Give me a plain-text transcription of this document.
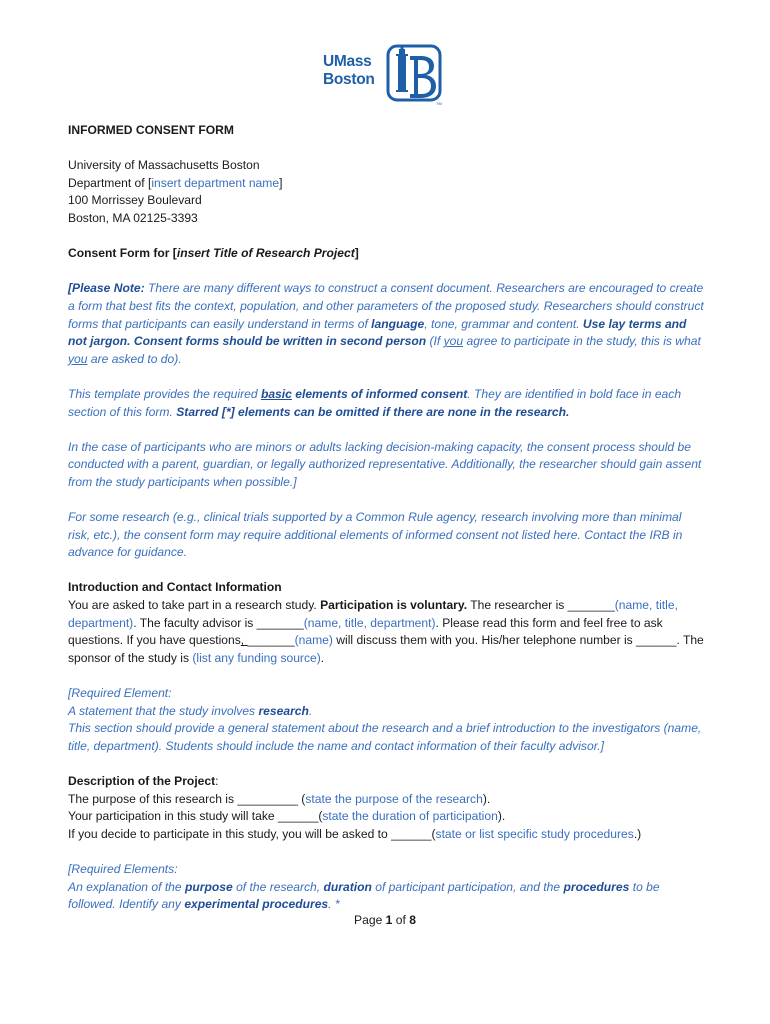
UMass
Boston
TM

INFORMED CONSENT FORM

University of Massachusetts Boston

Department of [insert department name]

100 Morrissey Boulevard

Boston, MA 02125-3393

Consent Form for [insert Title of Research Project]

[Please Note: There are many different ways to construct a consent document. Researchers are encouraged to create a form that best fits the context, population, and other parameters of the proposed study. Researchers should construct forms that participants can easily understand in terms of language, tone, grammar and content. Use lay terms and not jargon. Consent forms should be written in second person (If you agree to participate in the study, this is what you are asked to do).

This template provides the required basic elements of informed consent. They are identified in bold face in each section of this form. Starred [*] elements can be omitted if there are none in the research.

In the case of participants who are minors or adults lacking decision-making capacity, the consent process should be conducted with a parent, guardian, or legally authorized representative. Additionally, the researcher should gain assent from the study participants when possible.]

For some research (e.g., clinical trials supported by a Common Rule agency, research involving more than minimal risk, etc.), the consent form may require additional elements of informed consent not listed here. Contact the IRB in advance for guidance.

Introduction and Contact Information

You are asked to take part in a research study. Participation is voluntary. The researcher is _______(name, title, department). The faculty advisor is _______(name, title, department). Please read this form and feel free to ask questions. If you have questions, _______(name) will discuss them with you. His/her telephone number is ______. The sponsor of the study is (list any funding source).

[Required Element:

A statement that the study involves research.

This section should provide a general statement about the research and a brief introduction to the investigators (name, title, department). Students should include the name and contact information of their faculty advisor.]

Description of the Project:

The purpose of this research is _________ (state the purpose of the research).

Your participation in this study will take ______(state the duration of participation).

If you decide to participate in this study, you will be asked to ______(state or list specific study procedures.)

[Required Elements:

An explanation of the purpose of the research, duration of participant participation, and the procedures to be followed. Identify any experimental procedures. *

Page 1 of 8
